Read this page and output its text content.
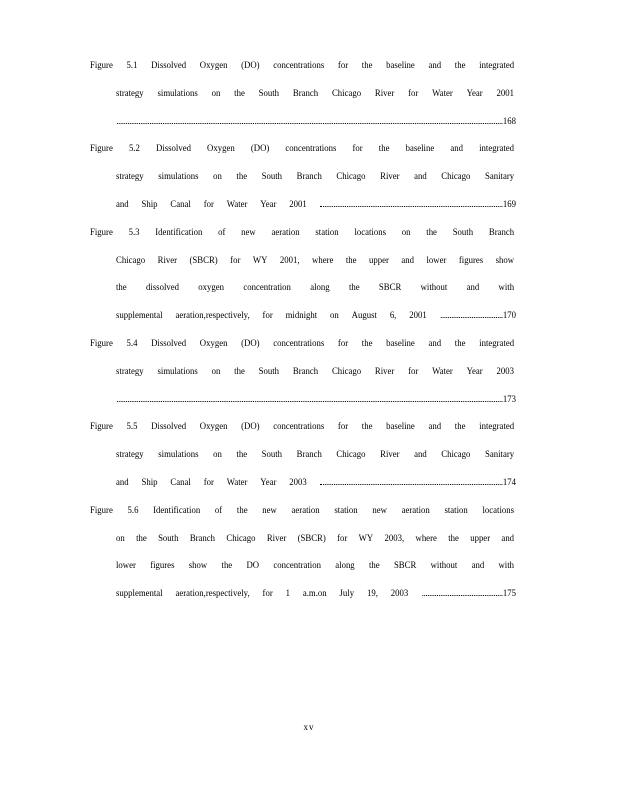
Figure 5.1 Dissolved Oxygen (DO) concentrations for the baseline and the integrated
strategy simulations on the South Branch Chicago River for Water Year 2001
168
Figure 5.2 Dissolved Oxygen (DO) concentrations for the baseline and integrated
strategy simulations on the South Branch Chicago River and Chicago Sanitary
and Ship Canal for Water Year 2001	169
Figure 5.3 Identification of new aeration station locations on the South Branch
Chicago River (SBCR) for WY 2001, where the upper and lower figures show
the dissolved oxygen concentration along the SBCR without and with
supplemental aeration,respectively, for midnight on August 6, 2001	170
Figure 5.4 Dissolved Oxygen (DO) concentrations for the baseline and the integrated
strategy simulations on the South Branch Chicago River for Water Year 2003
173
Figure 5.5 Dissolved Oxygen (DO) concentrations for the baseline and the integrated
strategy simulations on the South Branch Chicago River and Chicago Sanitary
and Ship Canal for Water Year 2003	174
Figure 5.6 Identification of the new aeration station new aeration station locations
on the South Branch Chicago River (SBCR) for WY 2003, where the upper and
lower figures show the DO concentration along the SBCR without and with
supplemental aeration,respectively, for 1 a.m.on July 19, 2003	175
xv
